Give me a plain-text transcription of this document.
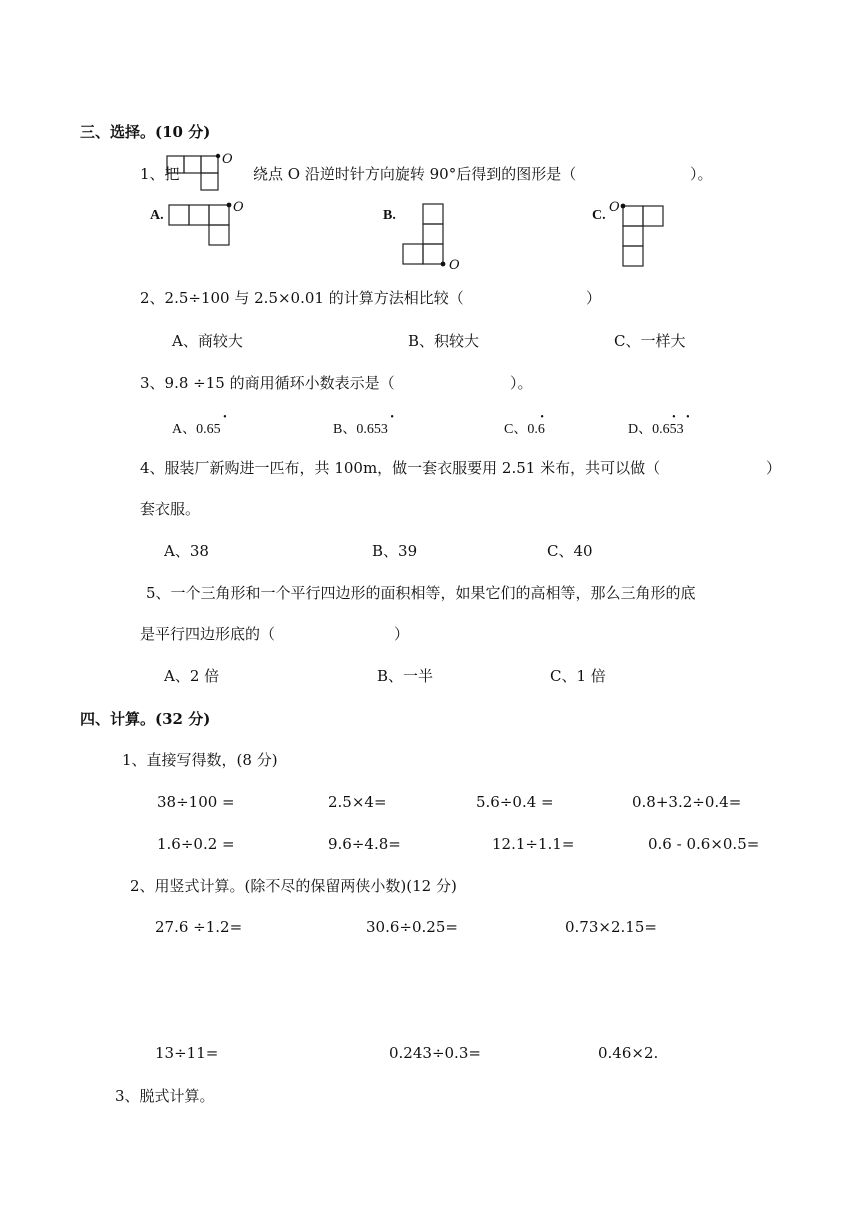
三、选择。(10 分)
1、把
O
绕点 O 沿逆时针方向旋转 90°后得到的图形是（	）。
A.
O
B.
O
C.
O
2、2.5÷100 与 2.5×0.01 的计算方法相比较（	）
A、商较大	B、积较大	C、一样大
3、9.8 ÷15 的商用循环小数表示是（	）。
A、0.65
•
B、0.653
•
C、0.6
•
D、0.653
• •
4、服装厂新购进一匹布，共 100m，做一套衣服要用 2.51 米布，共可以做（	）
套衣服。
A、38	B、39	C、40
5、一个三角形和一个平行四边形的面积相等，如果它们的高相等，那么三角形的底
是平行四边形底的（	）
A、2 倍	B、一半	C、1 倍
四、计算。(32 分)
1、直接写得数，(8 分)
38÷100 =	2.5×4=	5.6÷0.4 =	0.8+3.2÷0.4=
1.6÷0.2 =	9.6÷4.8=	12.1÷1.1=	0.6 - 0.6×0.5=
2、用竖式计算。(除不尽的保留两侠小数)(12 分)
27.6 ÷1.2=	30.6÷0.25=	0.73×2.15=
13÷11=	0.243÷0.3=	0.46×2.
3、脱式计算。
